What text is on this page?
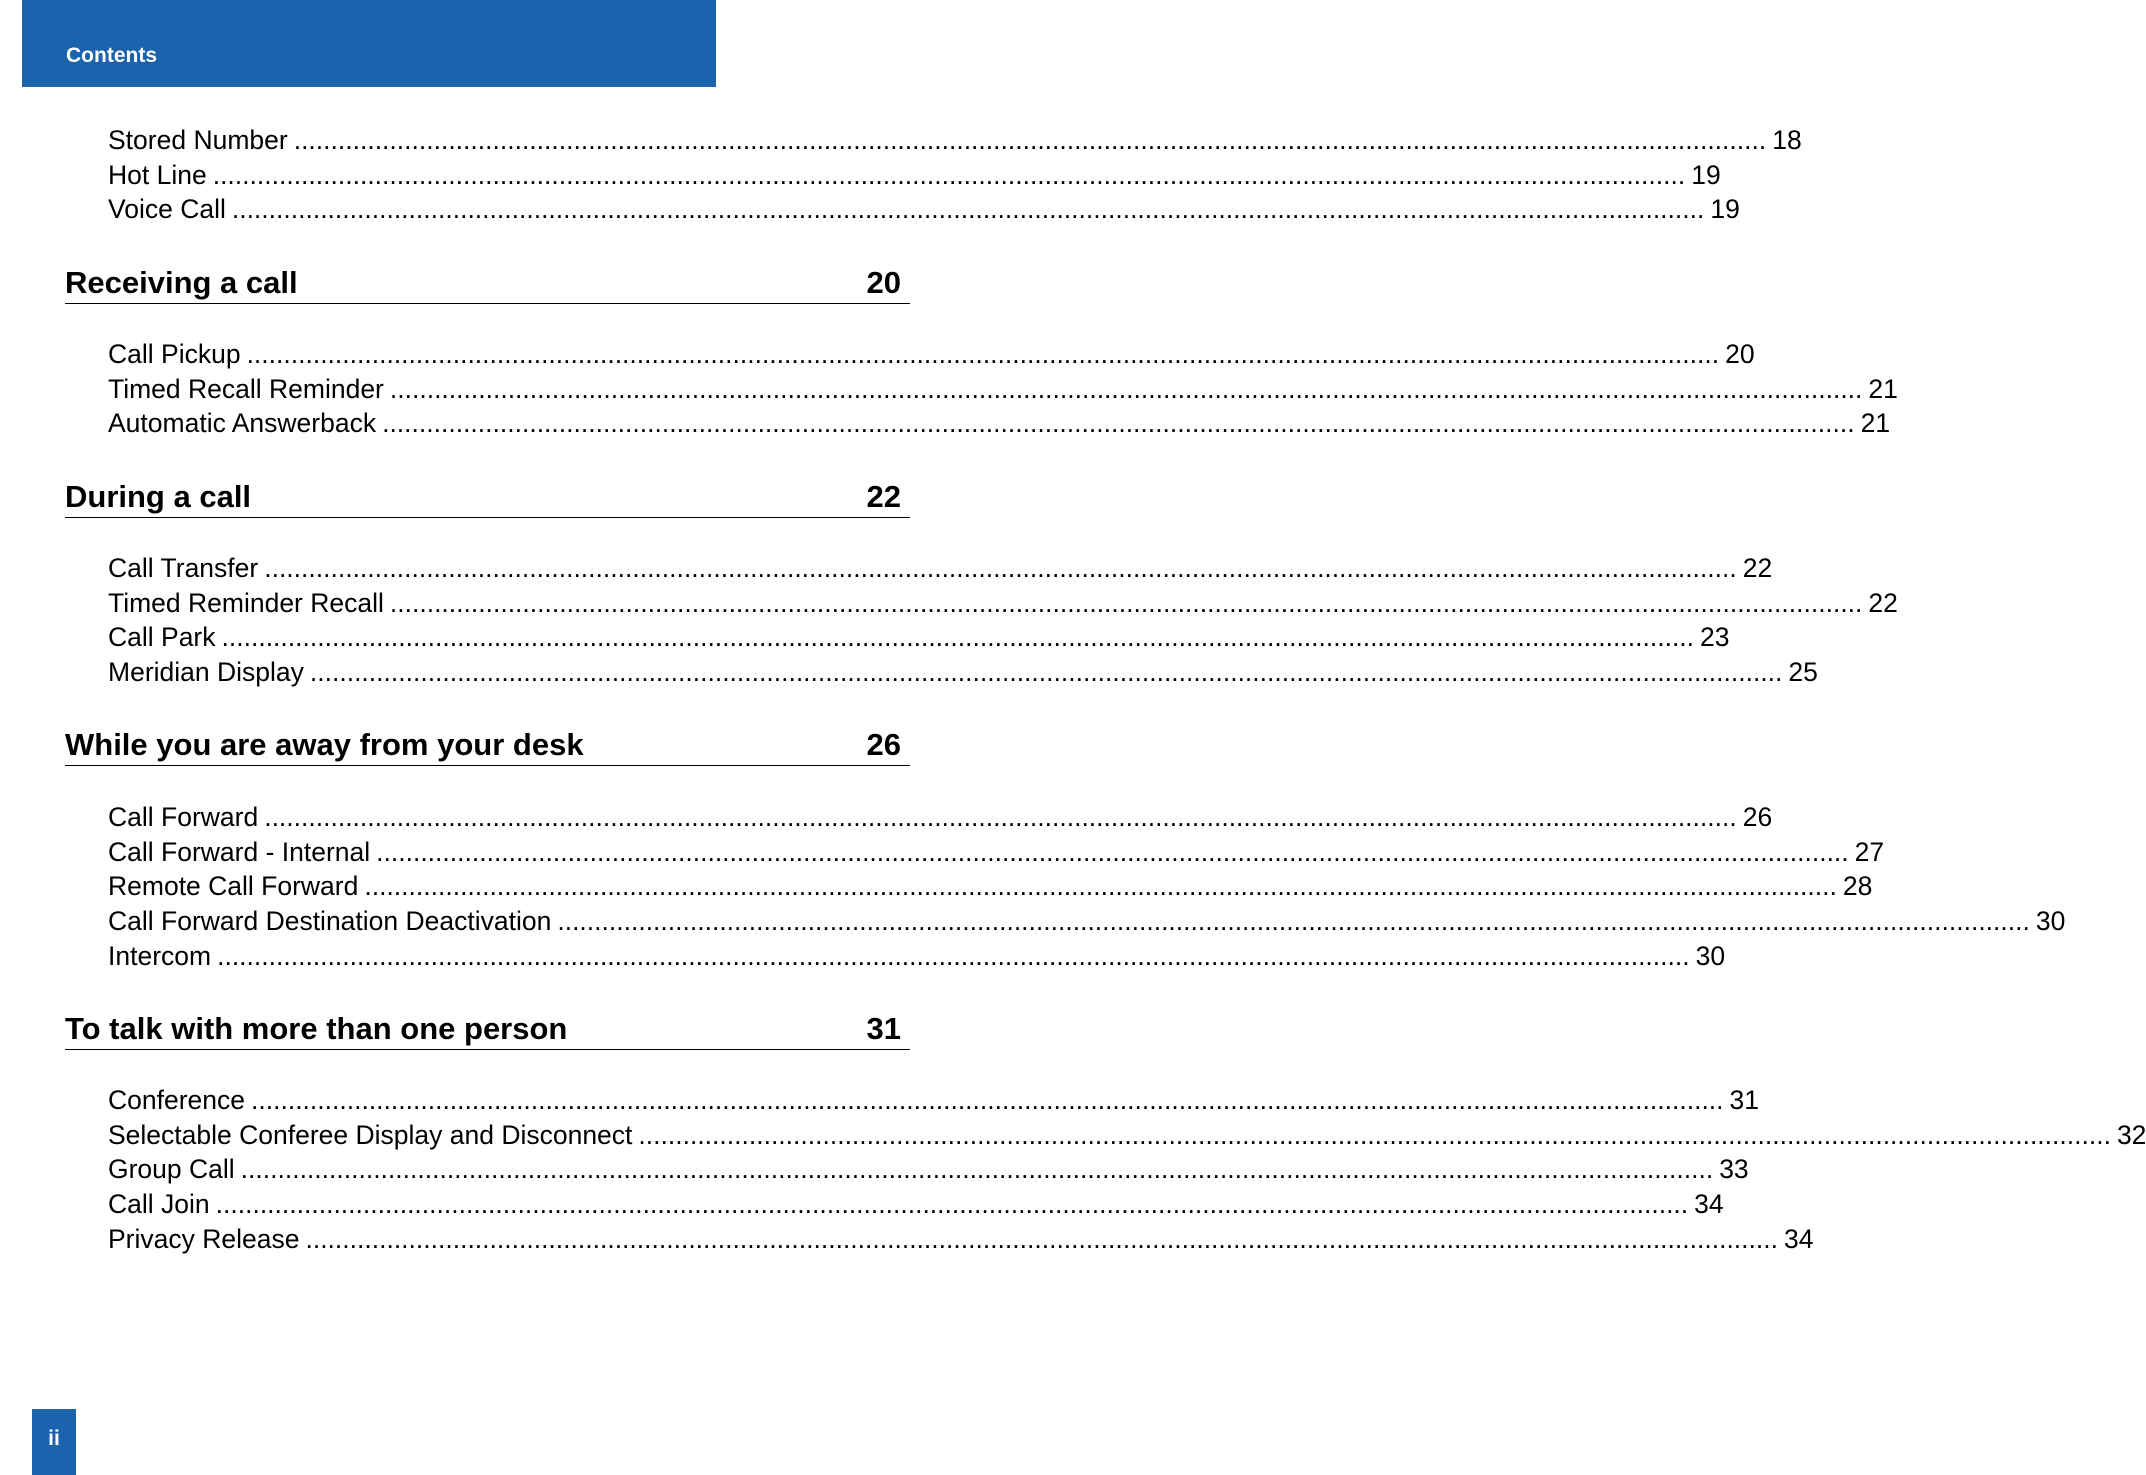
Contents
Stored Number ........................................................................................................................................................................................................ 18
Hot Line ........................................................................................................................................................................................................ 19
Voice Call ........................................................................................................................................................................................................ 19
Receiving a call	20
Call Pickup ........................................................................................................................................................................................................ 20
Timed Recall Reminder ........................................................................................................................................................................................................ 21
Automatic Answerback ........................................................................................................................................................................................................ 21
During a call	22
Call Transfer ........................................................................................................................................................................................................ 22
Timed Reminder Recall ........................................................................................................................................................................................................ 22
Call Park ........................................................................................................................................................................................................ 23
Meridian Display ........................................................................................................................................................................................................ 25
While you are away from your desk	26
Call Forward ........................................................................................................................................................................................................ 26
Call Forward - Internal ........................................................................................................................................................................................................ 27
Remote Call Forward ........................................................................................................................................................................................................ 28
Call Forward Destination Deactivation ........................................................................................................................................................................................................ 30
Intercom ........................................................................................................................................................................................................ 30
To talk with more than one person	31
Conference ........................................................................................................................................................................................................ 31
Selectable Conferee Display and Disconnect ........................................................................................................................................................................................................ 32
Group Call ........................................................................................................................................................................................................ 33
Call Join ........................................................................................................................................................................................................ 34
Privacy Release ........................................................................................................................................................................................................ 34
ii
